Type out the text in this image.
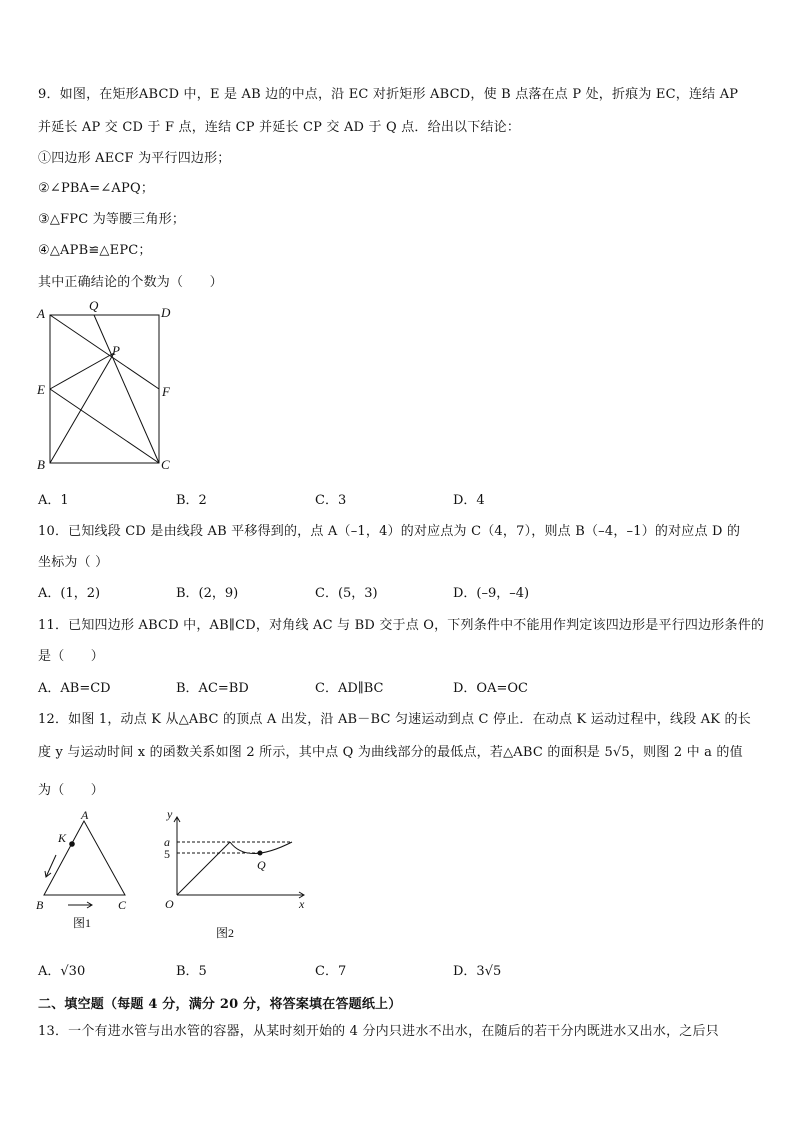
9．如图，在矩形ABCD 中，E 是 AB 边的中点，沿 EC 对折矩形 ABCD，使 B 点落在点 P 处，折痕为 EC，连结 AP
并延长 AP 交 CD 于 F 点，连结 CP 并延长 CP 交 AD 于 Q 点．给出以下结论：
①四边形 AECF 为平行四边形；
②∠PBA=∠APQ；
③△FPC 为等腰三角形；
④△APB≌△EPC；
其中正确结论的个数为（　　）
A
Q	D
P
E	F
B	C
A．1	B．2	C．3	D．4
10．已知线段 CD 是由线段 AB 平移得到的，点 A（–1，4）的对应点为 C（4，7），则点 B（–4，–1）的对应点 D 的
坐标为（ ）
A．(1，2)	B．(2，9)	C．(5，3)	D．(–9，–4)
11．已知四边形 ABCD 中，AB∥CD，对角线 AC 与 BD 交于点 O，下列条件中不能用作判定该四边形是平行四边形条件的
是（　　）
A．AB=CD	B．AC=BD	C．AD∥BC	D．OA=OC
12．如图 1，动点 K 从△ABC 的顶点 A 出发，沿 AB－BC 匀速运动到点 C 停止．在动点 K 运动过程中，线段 AK 的长
度 y 与运动时间 x 的函数关系如图 2 所示，其中点 Q 为曲线部分的最低点，若△ABC 的面积是 5√5，则图 2 中 a 的值
为（　　）
A
K
B	C
图1
y
a
Q
O	x
5
图2
A．√30	B．5	C．7	D．3√5
二、填空题（每题 4 分，满分 20 分，将答案填在答题纸上）
13．一个有进水管与出水管的容器，从某时刻开始的 4 分内只进水不出水，在随后的若干分内既进水又出水，之后只
